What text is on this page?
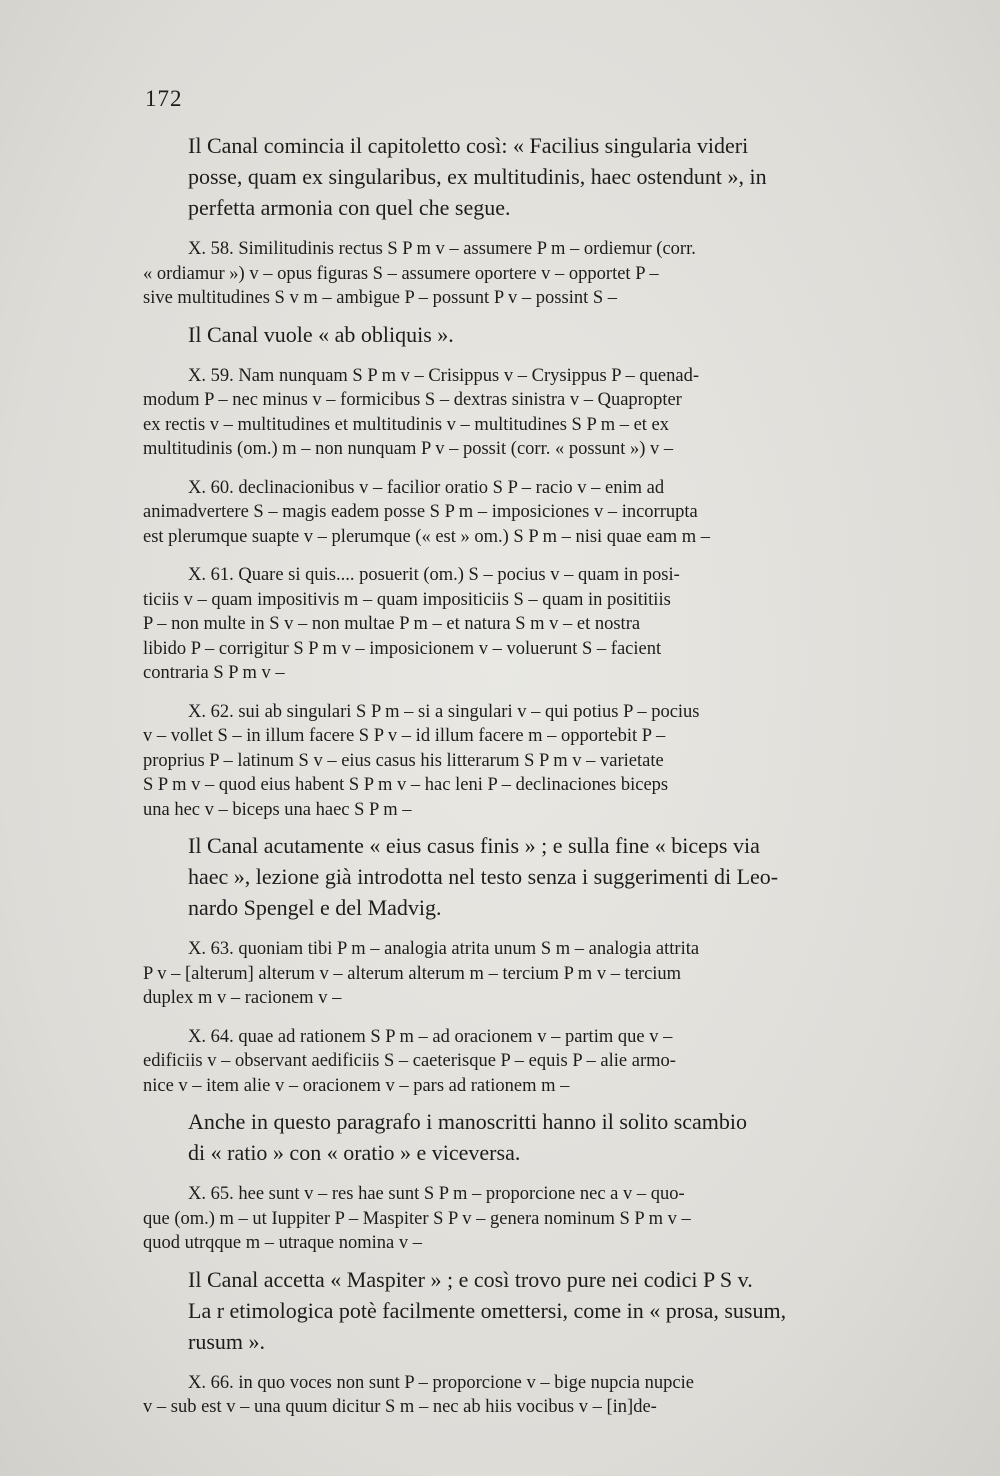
172

Il Canal comincia il capitoletto così: « Facilius singularia videri
posse, quam ex singularibus, ex multitudinis, haec ostendunt », in
perfetta armonia con quel che segue.

X. 58. Similitudinis rectus S P m v – assumere P m – ordiemur (corr.
« ordiamur ») v – opus figuras S – assumere oportere v – opportet P –
sive multitudines S v m – ambigue P – possunt P v – possint S –

Il Canal vuole « ab obliquis ».

X. 59. Nam nunquam S P m v – Crisippus v – Crysippus P – quenad-
modum P – nec minus v – formicibus S – dextras sinistra v – Quapropter
ex rectis v – multitudines et multitudinis v – multitudines S P m – et ex
multitudinis (om.) m – non nunquam P v – possit (corr. « possunt ») v –

X. 60. declinacionibus v – facilior oratio S P – racio v – enim ad
animadvertere S – magis eadem posse S P m – imposiciones v – incorrupta
est plerumque suapte v – plerumque (« est » om.) S P m – nisi quae eam m –

X. 61. Quare si quis.... posuerit (om.) S – pocius v – quam in posi-
ticiis v – quam impositivis m – quam impositiciis S – quam in posititiis
P – non multe in S v – non multae P m – et natura S m v – et nostra
libido P – corrigitur S P m v – imposicionem v – voluerunt S – facient
contraria S P m v –

X. 62. sui ab singulari S P m – si a singulari v – qui potius P – pocius
v – vollet S – in illum facere S P v – id illum facere m – opportebit P –
proprius P – latinum S v – eius casus his litterarum S P m v – varietate
S P m v – quod eius habent S P m v – hac leni P – declinaciones biceps
una hec v – biceps una haec S P m –

Il Canal acutamente « eius casus finis » ; e sulla fine « biceps via
haec », lezione già introdotta nel testo senza i suggerimenti di Leo-
nardo Spengel e del Madvig.

X. 63. quoniam tibi P m – analogia atrita unum S m – analogia attrita
P v – [alterum] alterum v – alterum alterum m – tercium P m v – tercium
duplex m v – racionem v –

X. 64. quae ad rationem S P m – ad oracionem v – partim que v –
edificiis v – observant aedificiis S – caeterisque P – equis P – alie armo-
nice v – item alie v – oracionem v – pars ad rationem m –

Anche in questo paragrafo i manoscritti hanno il solito scambio
di « ratio » con « oratio » e viceversa.

X. 65. hee sunt v – res hae sunt S P m – proporcione nec a v – quo-
que (om.) m – ut Iuppiter P – Maspiter S P v – genera nominum S P m v –
quod utrqque m – utraque nomina v –

Il Canal accetta « Maspiter » ; e così trovo pure nei codici P S v.
La r etimologica potè facilmente omettersi, come in « prosa, susum,
rusum ».

X. 66. in quo voces non sunt P – proporcione v – bige nupcia nupcie
v – sub est v – una quum dicitur S m – nec ab hiis vocibus v – [in]de-
